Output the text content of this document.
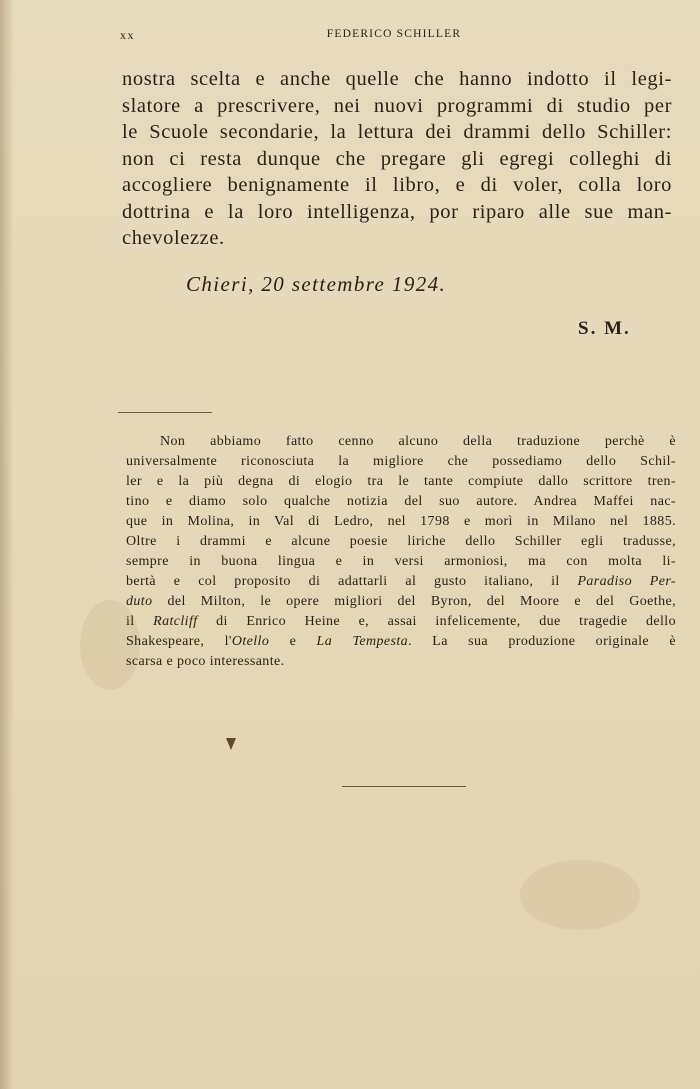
xx	FEDERICO SCHILLER
nostra scelta e anche quelle che hanno indotto il legi-
slatore a prescrivere, nei nuovi programmi di studio per
le Scuole secondarie, la lettura dei drammi dello Schiller:
non ci resta dunque che pregare gli egregi colleghi di
accogliere benignamente il libro, e di voler, colla loro
dottrina e la loro intelligenza, por riparo alle sue man-
chevolezze.
Chieri, 20 settembre 1924.
S. M.
Non abbiamo fatto cenno alcuno della traduzione perchè è
universalmente riconosciuta la migliore che possediamo dello Schil-
ler e la più degna di elogio tra le tante compiute dallo scrittore tren-
tino e diamo solo qualche notizia del suo autore. Andrea Maffei nac-
que in Molina, in Val di Ledro, nel 1798 e morì in Milano nel 1885.
Oltre i drammi e alcune poesie liriche dello Schiller egli tradusse,
sempre in buona lingua e in versi armoniosi, ma con molta li-
bertà e col proposito di adattarli al gusto italiano, il Paradiso Per-
duto del Milton, le opere migliori del Byron, del Moore e del Goethe,
il Ratcliff di Enrico Heine e, assai infelicemente, due tragedie dello
Shakespeare, l'Otello e La Tempesta. La sua produzione originale è
scarsa e poco interessante.
